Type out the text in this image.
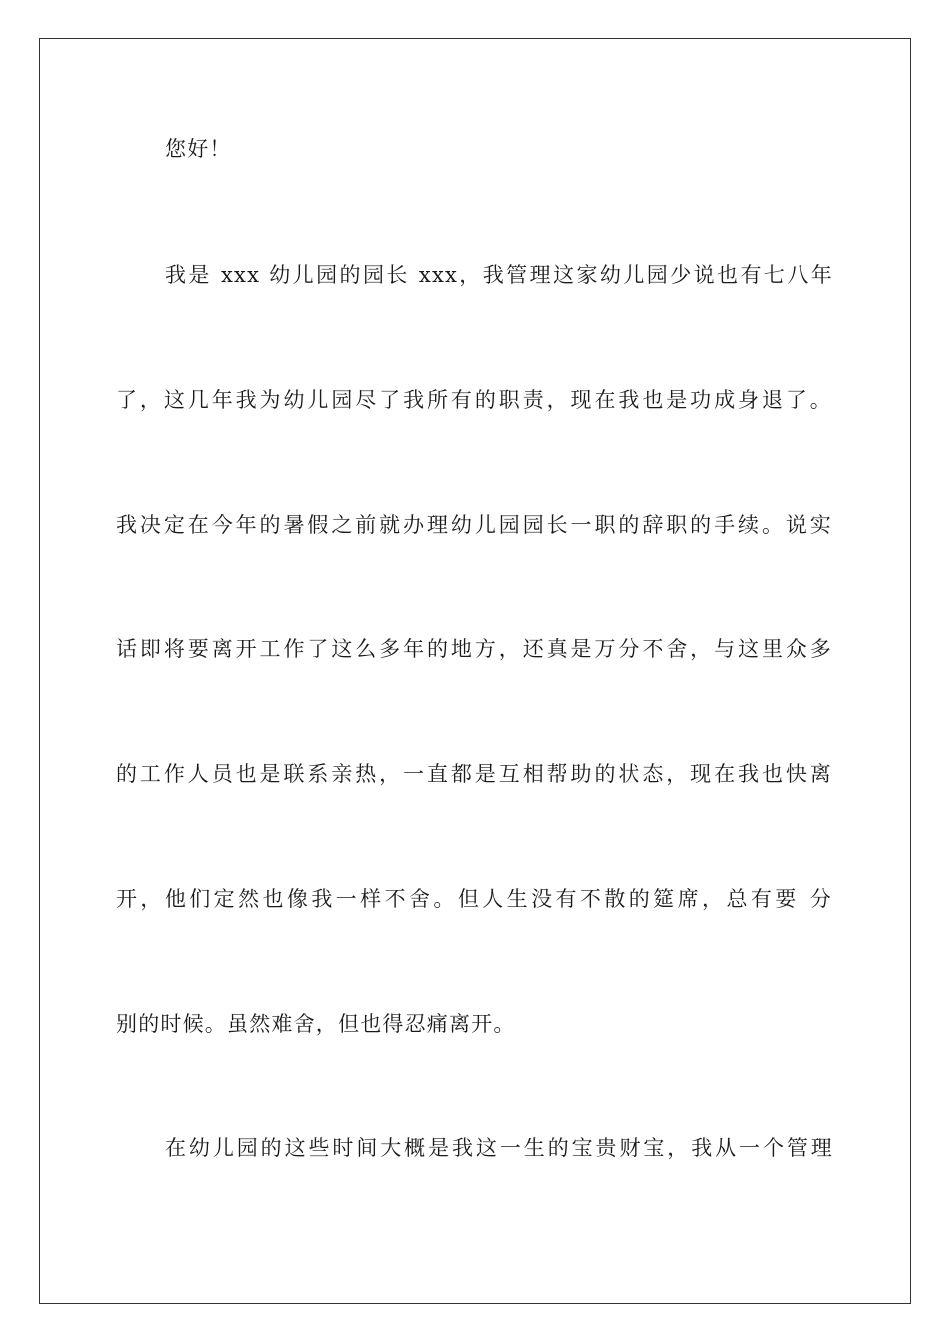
您好！
我是 xxx 幼儿园的园长 xxx，我管理这家幼儿园少说也有七八年
了，这几年我为幼儿园尽了我所有的职责，现在我也是功成身退了。
我决定在今年的暑假之前就办理幼儿园园长一职的辞职的手续。说实
话即将要离开工作了这么多年的地方，还真是万分不舍，与这里众多
的工作人员也是联系亲热，一直都是互相帮助的状态，现在我也快离
开，他们定然也像我一样不舍。但人生没有不散的筵席，总有要 分
别的时候。虽然难舍，但也得忍痛离开。
在幼儿园的这些时间大概是我这一生的宝贵财宝，我从一个管理
